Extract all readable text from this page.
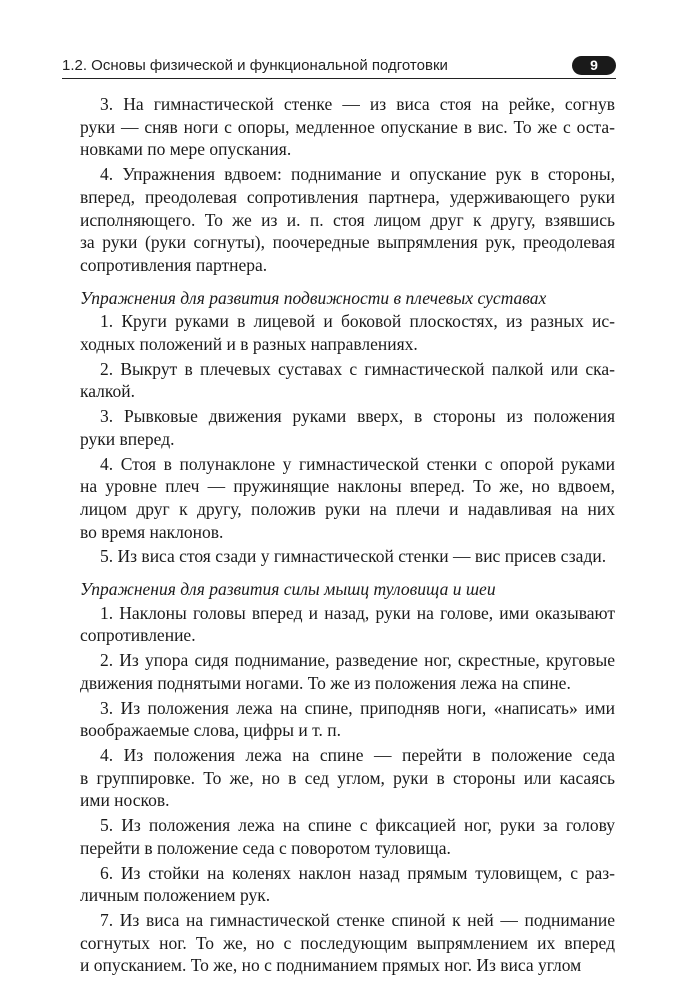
1.2. Основы физической и функциональной подготовки	9
3. На гимнастической стенке — из виса стоя на рейке, согнув
руки — сняв ноги с опоры, медленное опускание в вис. То же с оста-
новками по мере опускания.
4. Упражнения вдвоем: поднимание и опускание рук в стороны,
вперед, преодолевая сопротивления партнера, удерживающего руки
исполняющего. То же из и. п. стоя лицом друг к другу, взявшись
за руки (руки согнуты), поочередные выпрямления рук, преодолевая
сопротивления партнера.
Упражнения для развития подвижности в плечевых суставах
1. Круги руками в лицевой и боковой плоскостях, из разных ис-
ходных положений и в разных направлениях.
2. Выкрут в плечевых суставах с гимнастической палкой или ска-
калкой.
3. Рывковые движения руками вверх, в стороны из положения
руки вперед.
4. Стоя в полунаклоне у гимнастической стенки с опорой руками
на уровне плеч — пружинящие наклоны вперед. То же, но вдвоем,
лицом друг к другу, положив руки на плечи и надавливая на них
во время наклонов.
5. Из виса стоя сзади у гимнастической стенки — вис присев сзади.
Упражнения для развития силы мышц туловища и шеи
1. Наклоны головы вперед и назад, руки на голове, ими оказывают
сопротивление.
2. Из упора сидя поднимание, разведение ног, скрестные, круговые
движения поднятыми ногами. То же из положения лежа на спине.
3. Из положения лежа на спине, приподняв ноги, «написать» ими
воображаемые слова, цифры и т. п.
4. Из положения лежа на спине — перейти в положение седа
в группировке. То же, но в сед углом, руки в стороны или касаясь
ими носков.
5. Из положения лежа на спине с фиксацией ног, руки за голову
перейти в положение седа с поворотом туловища.
6. Из стойки на коленях наклон назад прямым туловищем, с раз-
личным положением рук.
7. Из виса на гимнастической стенке спиной к ней — поднимание
согнутых ног. То же, но с последующим выпрямлением их вперед
и опусканием. То же, но с подниманием прямых ног. Из виса углом
